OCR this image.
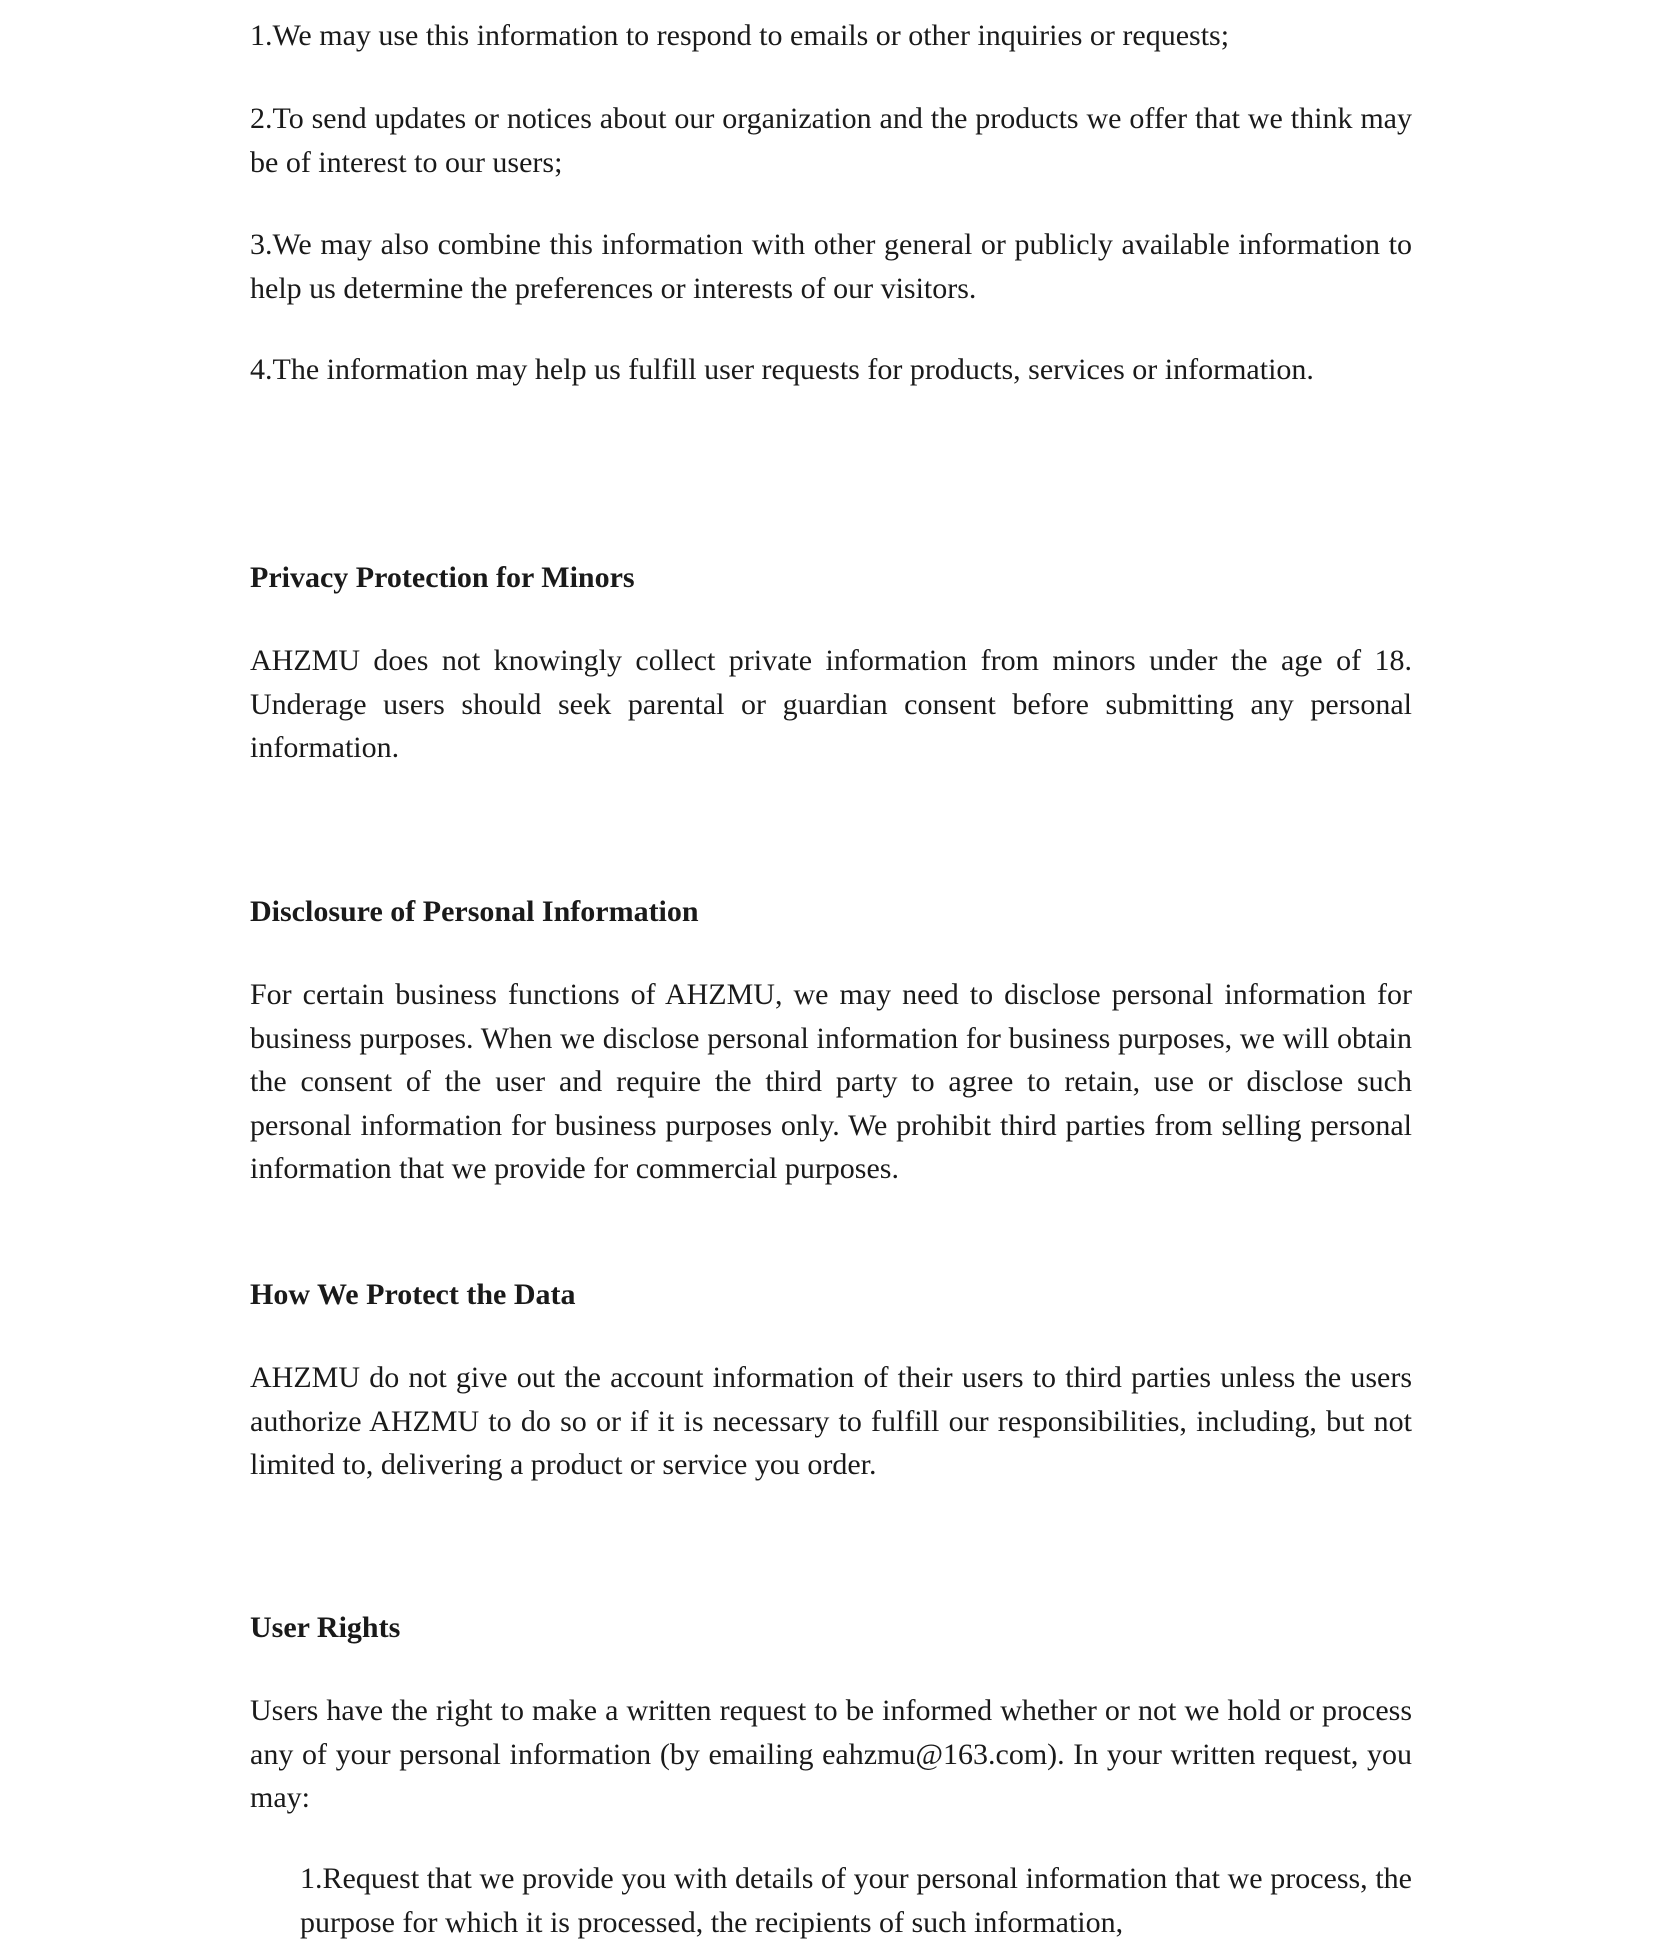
1.We may use this information to respond to emails or other inquiries or requests;

2.To send updates or notices about our organization and the products we offer that we think may be of interest to our users;

3.We may also combine this information with other general or publicly available information to help us determine the preferences or interests of our visitors.

4.The information may help us fulfill user requests for products, services or information.

Privacy Protection for Minors

AHZMU does not knowingly collect private information from minors under the age of 18. Underage users should seek parental or guardian consent before submitting any personal information.

Disclosure of Personal Information

For certain business functions of AHZMU, we may need to disclose personal information for business purposes. When we disclose personal information for business purposes, we will obtain the consent of the user and require the third party to agree to retain, use or disclose such personal information for business purposes only. We prohibit third parties from selling personal information that we provide for commercial purposes.

How We Protect the Data

AHZMU do not give out the account information of their users to third parties unless the users authorize AHZMU to do so or if it is necessary to fulfill our responsibilities, including, but not limited to, delivering a product or service you order.

User Rights

Users have the right to make a written request to be informed whether or not we hold or process any of your personal information (by emailing eahzmu@163.com). In your written request, you may:

1.Request that we provide you with details of your personal information that we process, the purpose for which it is processed, the recipients of such information,
